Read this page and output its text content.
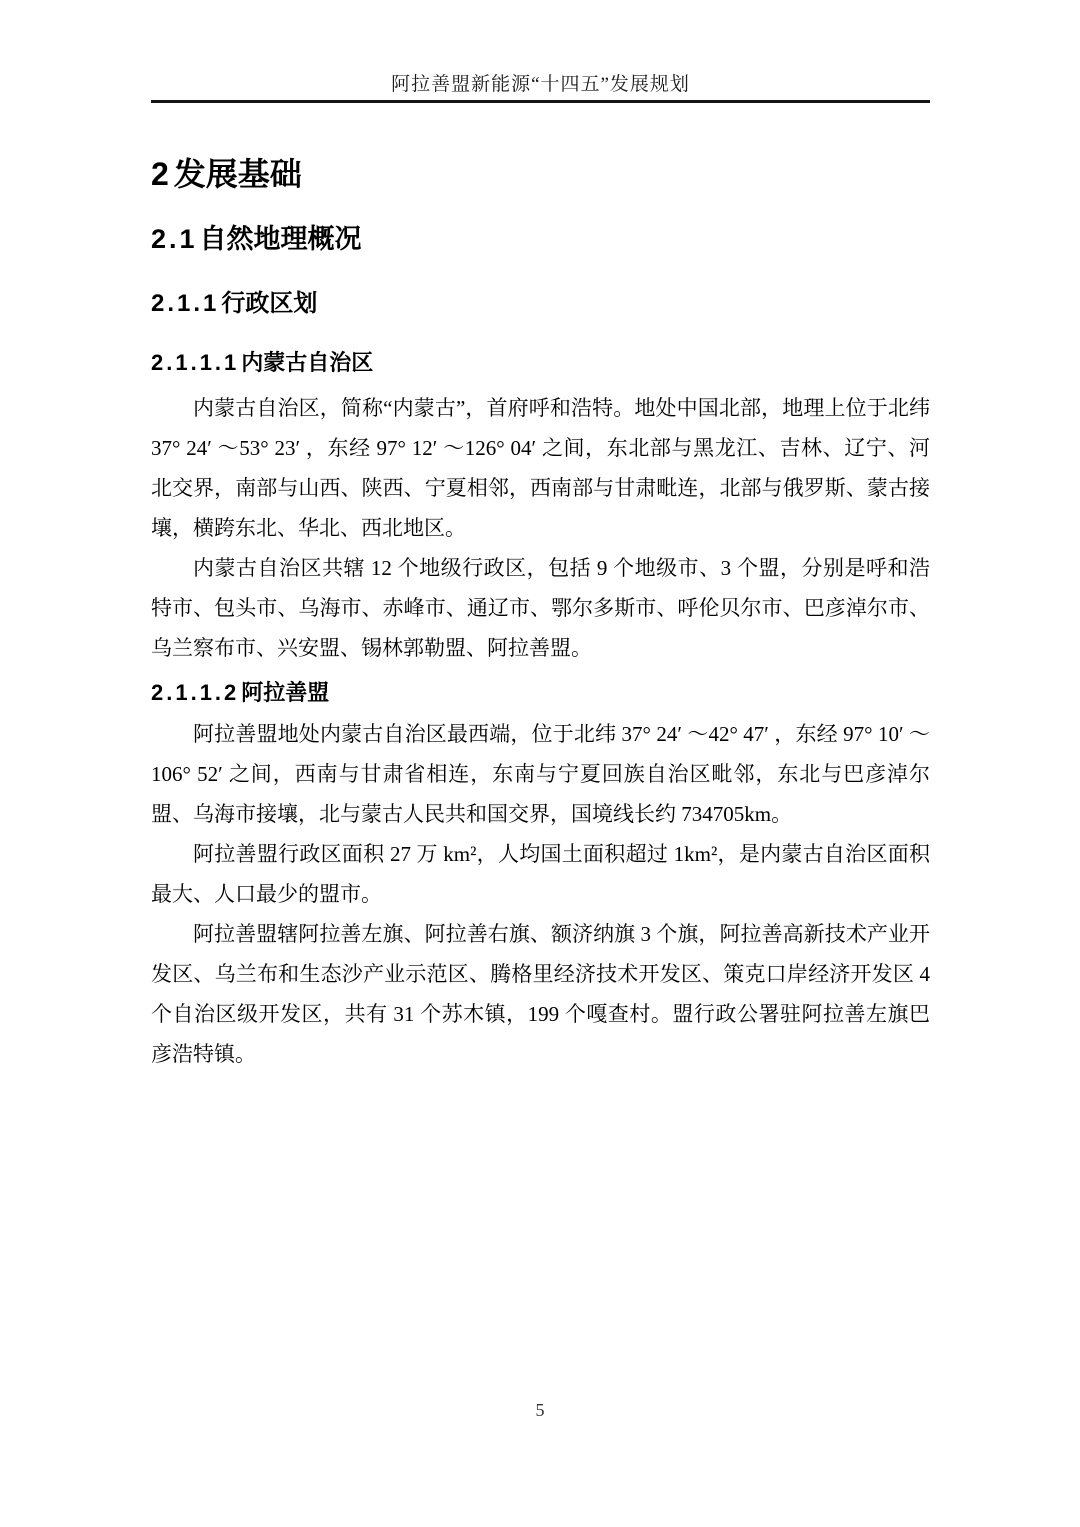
阿拉善盟新能源“十四五”发展规划
2发展基础
2.1自然地理概况
2.1.1行政区划
2.1.1.1内蒙古自治区

内蒙古自治区，简称“内蒙古”，首府呼和浩特。地处中国北部，地理上位于北纬 37° 24′ ～53° 23′ ，东经 97° 12′ ～126° 04′ 之间，东北部与黑龙江、吉林、辽宁、河北交界，南部与山西、陕西、宁夏相邻，西南部与甘肃毗连，北部与俄罗斯、蒙古接壤，横跨东北、华北、西北地区。

内蒙古自治区共辖 12 个地级行政区，包括 9 个地级市、3 个盟，分别是呼和浩特市、包头市、乌海市、赤峰市、通辽市、鄂尔多斯市、呼伦贝尔市、巴彦淖尔市、乌兰察布市、兴安盟、锡林郭勒盟、阿拉善盟。

2.1.1.2阿拉善盟

阿拉善盟地处内蒙古自治区最西端，位于北纬 37° 24′ ～42° 47′ ，东经 97° 10′ ～106° 52′ 之间，西南与甘肃省相连，东南与宁夏回族自治区毗邻，东北与巴彦淖尔盟、乌海市接壤，北与蒙古人民共和国交界，国境线长约 734705km。

阿拉善盟行政区面积 27 万 km²，人均国土面积超过 1km²，是内蒙古自治区面积最大、人口最少的盟市。

阿拉善盟辖阿拉善左旗、阿拉善右旗、额济纳旗 3 个旗，阿拉善高新技术产业开发区、乌兰布和生态沙产业示范区、腾格里经济技术开发区、策克口岸经济开发区 4 个自治区级开发区，共有 31 个苏木镇，199 个嘎查村。盟行政公署驻阿拉善左旗巴彦浩特镇。

5
